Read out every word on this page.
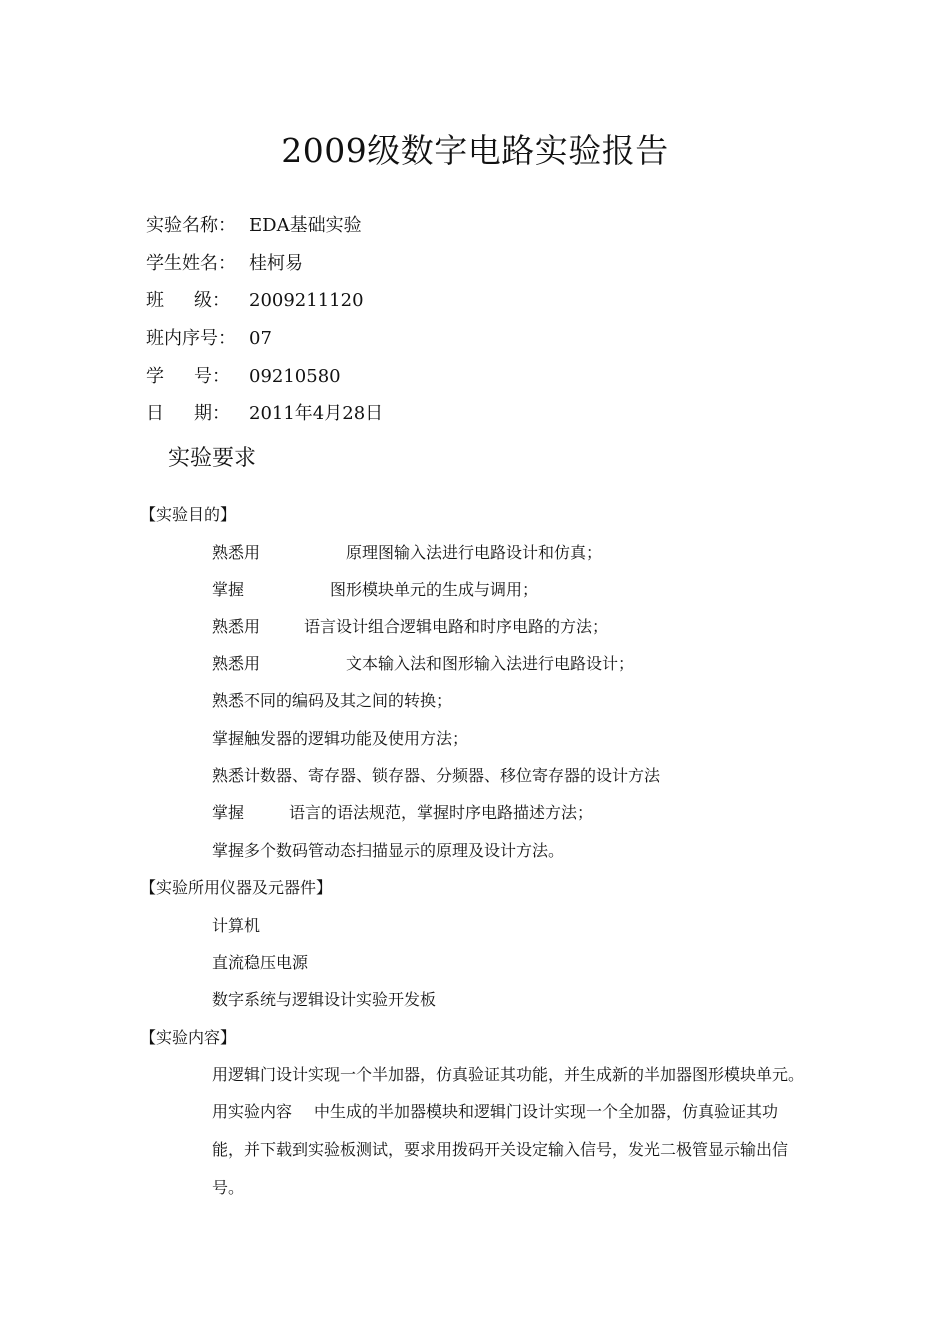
2009级数字电路实验报告
实验名称： EDA基础实验
学生姓名： 桂柯易
班 级： 2009211120
班内序号： 07
学 号： 09210580
日 期： 2011年4月28日
实验要求
【实验目的】
熟悉用	原理图输入法进行电路设计和仿真；
掌握	图形模块单元的生成与调用；
熟悉用	语言设计组合逻辑电路和时序电路的方法；
熟悉用	文本输入法和图形输入法进行电路设计；
熟悉不同的编码及其之间的转换；
掌握触发器的逻辑功能及使用方法；
熟悉计数器、寄存器、锁存器、分频器、移位寄存器的设计方法
掌握	语言的语法规范，掌握时序电路描述方法；
掌握多个数码管动态扫描显示的原理及设计方法。
【实验所用仪器及元器件】
计算机
直流稳压电源
数字系统与逻辑设计实验开发板
【实验内容】
用逻辑门设计实现一个半加器，仿真验证其功能，并生成新的半加器图形模块单元。
用实验内容 中生成的半加器模块和逻辑门设计实现一个全加器，仿真验证其功
能，并下载到实验板测试，要求用拨码开关设定输入信号，发光二极管显示输出信
号。
